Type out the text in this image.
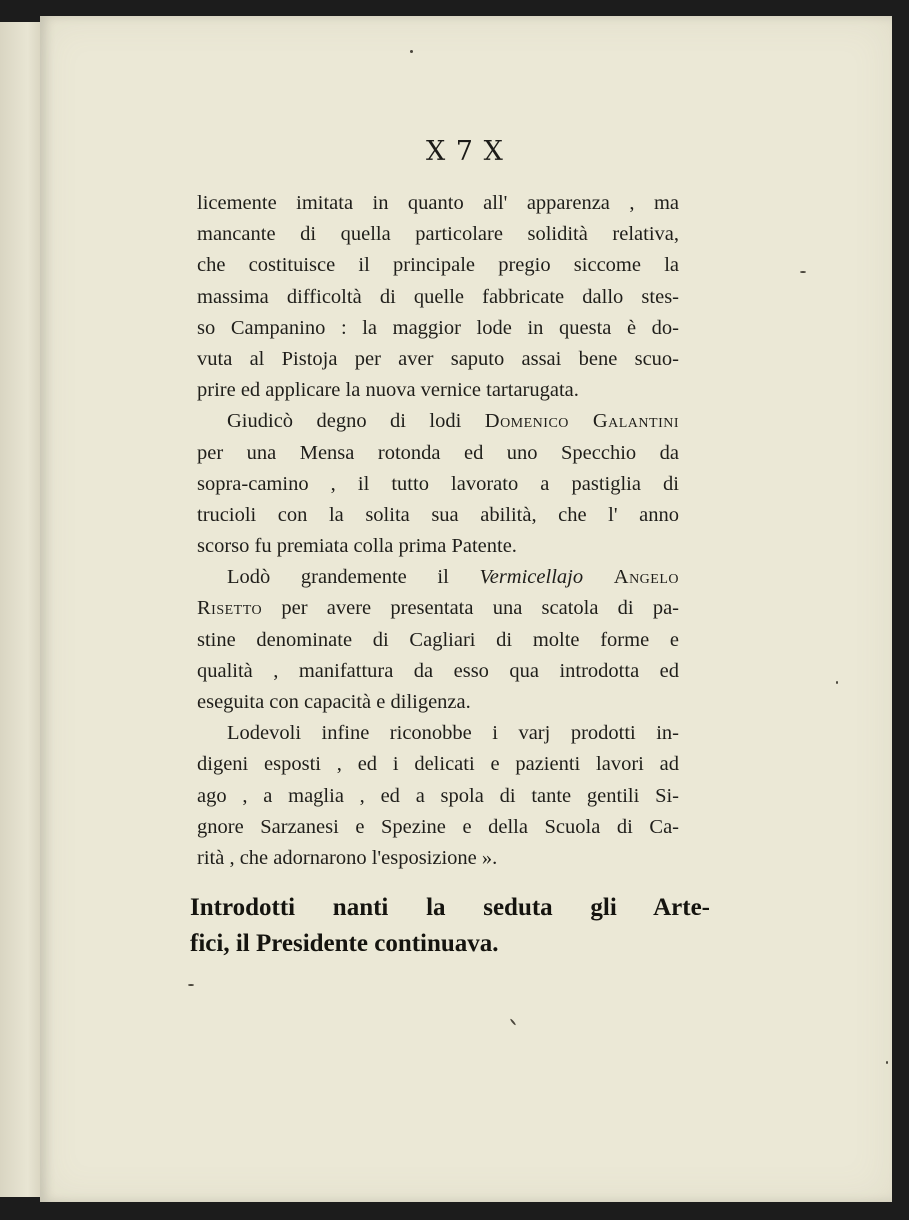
X 7 X
licemente imitata in quanto all' apparenza , ma
mancante di quella particolare solidità relativa,
che costituisce il principale pregio siccome la
massima difficoltà di quelle fabbricate dallo stes-
so Campanino : la maggior lode in questa è do-
vuta al Pistoja per aver saputo assai bene scuo-
prire ed applicare la nuova vernice tartarugata.
Giudicò degno di lodi Domenico Galantini
per una Mensa rotonda ed uno Specchio da
sopra-camino , il tutto lavorato a pastiglia di
trucioli con la solita sua abilità, che l' anno
scorso fu premiata colla prima Patente.
Lodò grandemente il Vermicellajo Angelo
Risetto per avere presentata una scatola di pa-
stine denominate di Cagliari di molte forme e
qualità , manifattura da esso qua introdotta ed
eseguita con capacità e diligenza.
Lodevoli infine riconobbe i varj prodotti in-
digeni esposti , ed i delicati e pazienti lavori ad
ago , a maglia , ed a spola di tante gentili Si-
gnore Sarzanesi e Spezine e della Scuola di Ca-
rità , che adornarono l'esposizione ».
Introdotti nanti la seduta gli Arte-
fici, il Presidente continuava.
